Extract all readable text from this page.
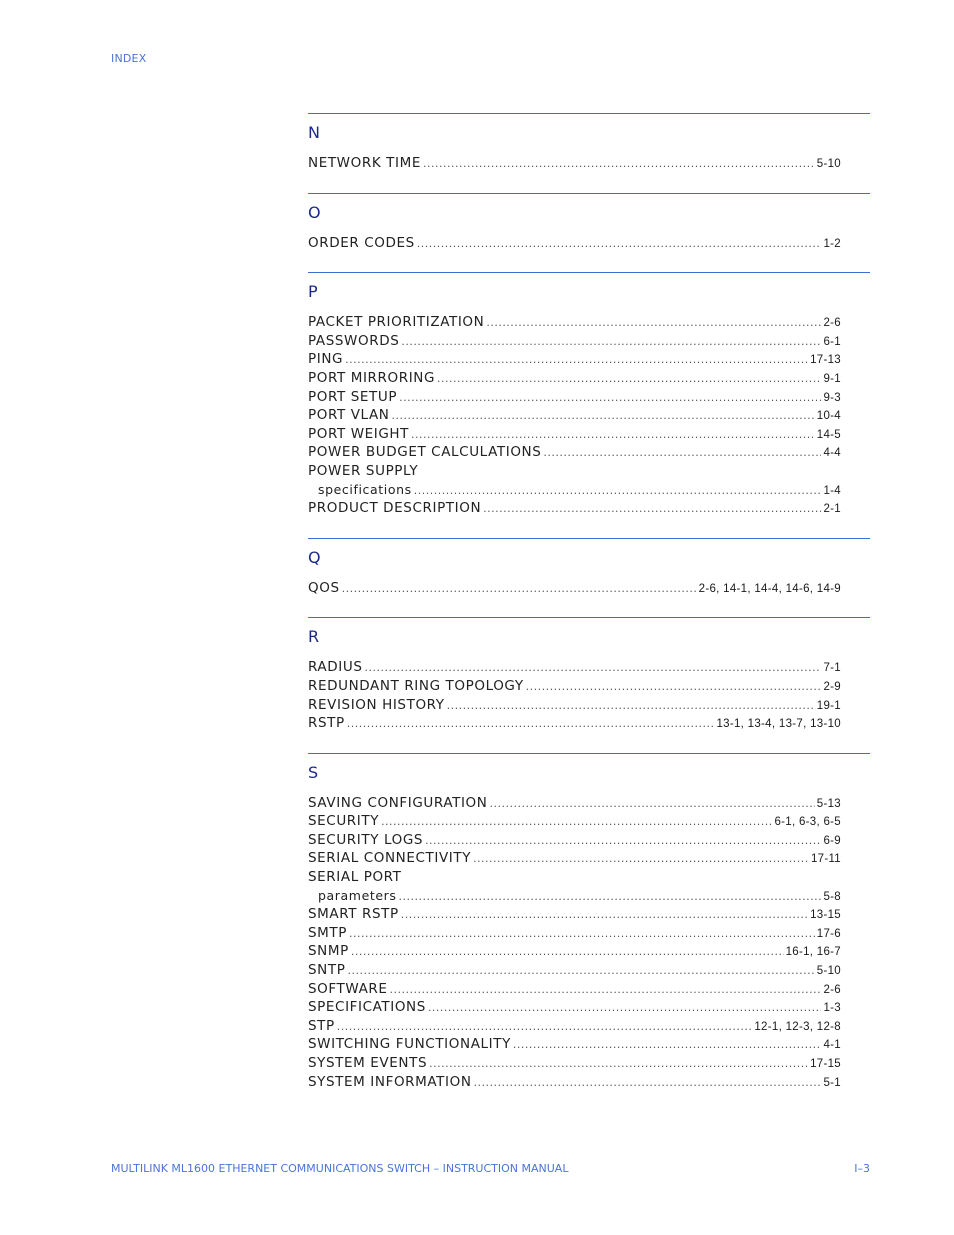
INDEX
N
NETWORK TIME .....	5-10
O
ORDER CODES .....	1-2
P
PACKET PRIORITIZATION .....	2-6
PASSWORDS .....	6-1
PING .....	17-13
PORT MIRRORING .....	9-1
PORT SETUP .....	9-3
PORT VLAN .....	10-4
PORT WEIGHT .....	14-5
POWER BUDGET CALCULATIONS .....	4-4
POWER SUPPLY
specifications .....	1-4
PRODUCT DESCRIPTION .....	2-1
Q
QOS .....	2-6, 14-1, 14-4, 14-6, 14-9
R
RADIUS .....	7-1
REDUNDANT RING TOPOLOGY .....	2-9
REVISION HISTORY .....	19-1
RSTP .....	13-1, 13-4, 13-7, 13-10
S
SAVING CONFIGURATION .....	5-13
SECURITY .....	6-1, 6-3, 6-5
SECURITY LOGS .....	6-9
SERIAL CONNECTIVITY .....	17-11
SERIAL PORT
parameters .....	5-8
SMART RSTP .....	13-15
SMTP .....	17-6
SNMP .....	16-1, 16-7
SNTP .....	5-10
SOFTWARE .....	2-6
SPECIFICATIONS .....	1-3
STP .....	12-1, 12-3, 12-8
SWITCHING FUNCTIONALITY .....	4-1
SYSTEM EVENTS .....	17-15
SYSTEM INFORMATION .....	5-1
MULTILINK ML1600 ETHERNET COMMUNICATIONS SWITCH – INSTRUCTION MANUAL	I–3
